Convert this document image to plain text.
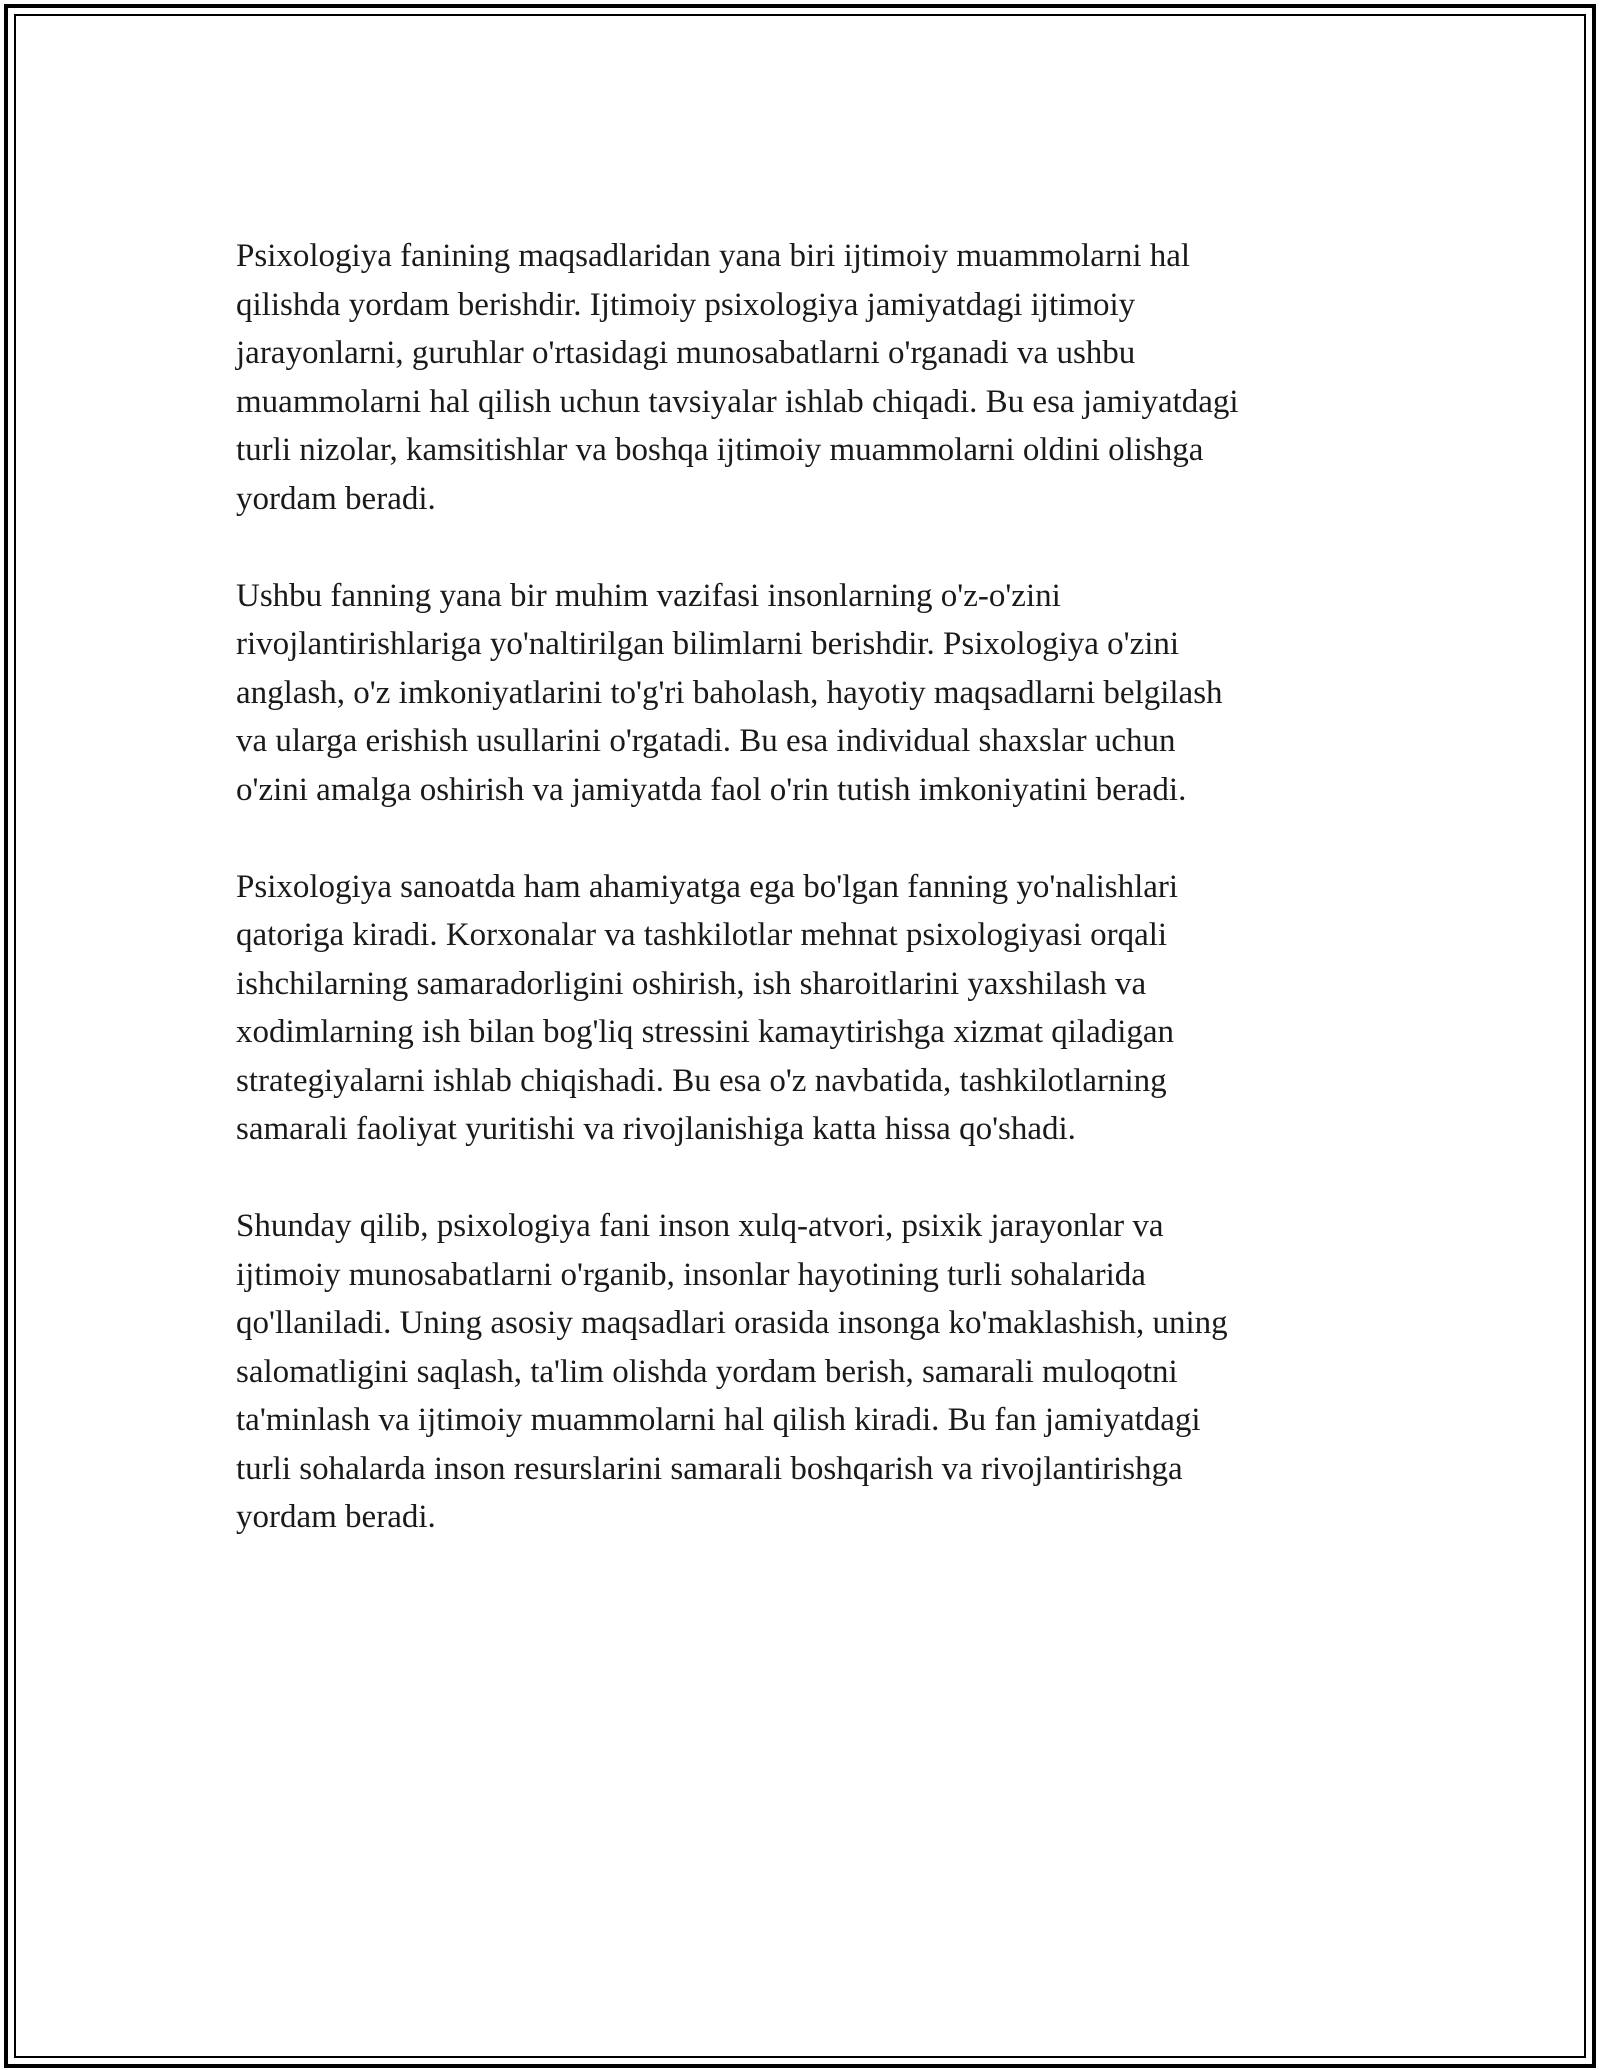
Psixologiya fanining maqsadlaridan yana biri ijtimoiy muammolarni hal
qilishda yordam berishdir. Ijtimoiy psixologiya jamiyatdagi ijtimoiy
jarayonlarni, guruhlar o'rtasidagi munosabatlarni o'rganadi va ushbu
muammolarni hal qilish uchun tavsiyalar ishlab chiqadi. Bu esa jamiyatdagi
turli nizolar, kamsitishlar va boshqa ijtimoiy muammolarni oldini olishga
yordam beradi.

Ushbu fanning yana bir muhim vazifasi insonlarning o'z-o'zini
rivojlantirishlariga yo'naltirilgan bilimlarni berishdir. Psixologiya o'zini
anglash, o'z imkoniyatlarini to'g'ri baholash, hayotiy maqsadlarni belgilash
va ularga erishish usullarini o'rgatadi. Bu esa individual shaxslar uchun
o'zini amalga oshirish va jamiyatda faol o'rin tutish imkoniyatini beradi.

Psixologiya sanoatda ham ahamiyatga ega bo'lgan fanning yo'nalishlari
qatoriga kiradi. Korxonalar va tashkilotlar mehnat psixologiyasi orqali
ishchilarning samaradorligini oshirish, ish sharoitlarini yaxshilash va
xodimlarning ish bilan bog'liq stressini kamaytirishga xizmat qiladigan
strategiyalarni ishlab chiqishadi. Bu esa o'z navbatida, tashkilotlarning
samarali faoliyat yuritishi va rivojlanishiga katta hissa qo'shadi.

Shunday qilib, psixologiya fani inson xulq-atvori, psixik jarayonlar va
ijtimoiy munosabatlarni o'rganib, insonlar hayotining turli sohalarida
qo'llaniladi. Uning asosiy maqsadlari orasida insonga ko'maklashish, uning
salomatligini saqlash, ta'lim olishda yordam berish, samarali muloqotni
ta'minlash va ijtimoiy muammolarni hal qilish kiradi. Bu fan jamiyatdagi
turli sohalarda inson resurslarini samarali boshqarish va rivojlantirishga
yordam beradi.
